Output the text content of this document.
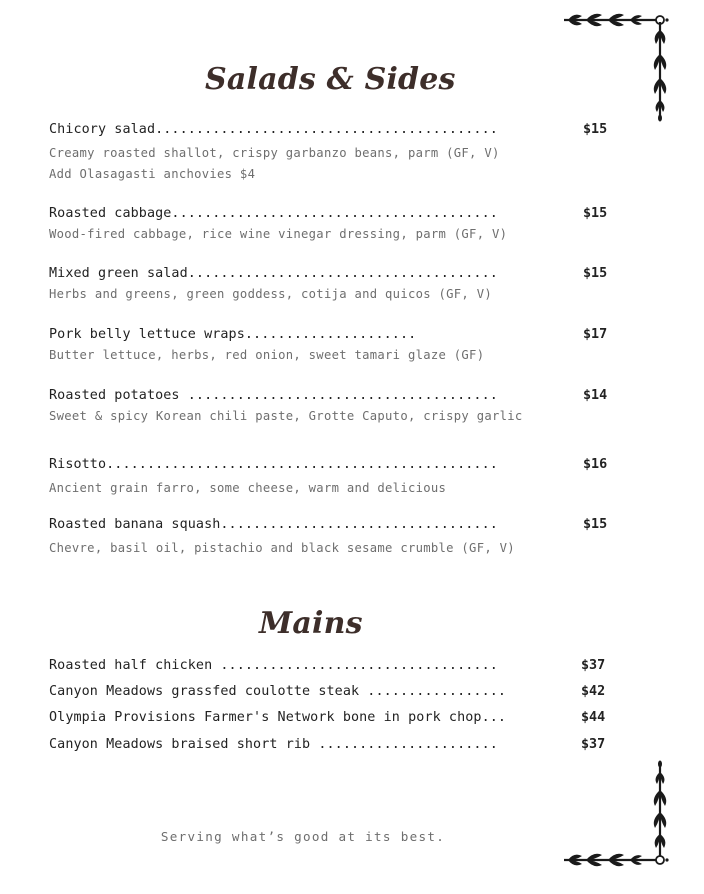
Salads & Sides
Chicory salad..........................................	$15
Creamy roasted shallot, crispy garbanzo beans, parm (GF, V)
Add Olasagasti anchovies $4
Roasted cabbage........................................	$15
Wood-fired cabbage, rice wine vinegar dressing, parm (GF, V)
Mixed green salad......................................	$15
Herbs and greens, green goddess, cotija and quicos (GF, V)
Pork belly lettuce wraps.....................	$17
Butter lettuce, herbs, red onion, sweet tamari glaze (GF)
Roasted potatoes ......................................	$14
Sweet & spicy Korean chili paste, Grotte Caputo, crispy garlic
Risotto................................................	$16
Ancient grain farro, some cheese, warm and delicious
Roasted banana squash..................................	$15
Chevre, basil oil, pistachio and black sesame crumble (GF, V)
Mains
Roasted half chicken ..................................	$37
Canyon Meadows grassfed coulotte steak .................	$42
Olympia Provisions Farmer's Network bone in pork chop...	$44
Canyon Meadows braised short rib ......................	$37
Serving what’s good at its best.
